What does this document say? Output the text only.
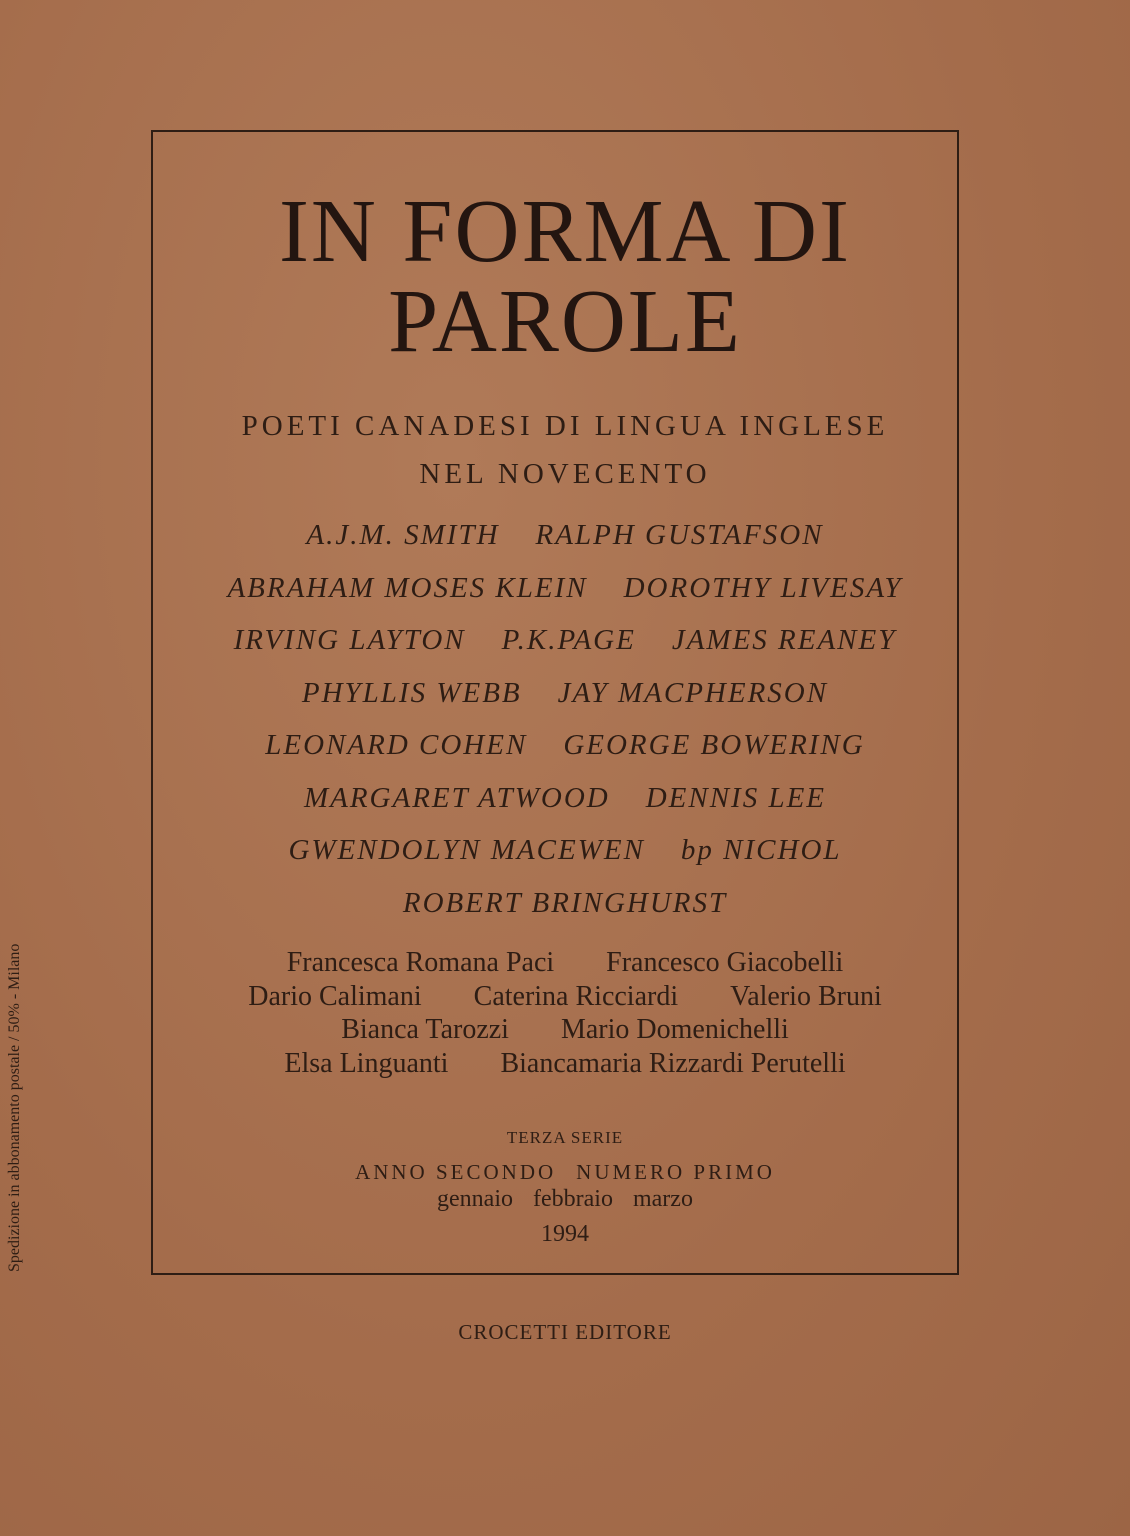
IN FORMA DI
PAROLE
POETI CANADESI DI LINGUA INGLESE
NEL NOVECENTO
A.J.M. SMITH RALPH GUSTAFSON
ABRAHAM MOSES KLEIN DOROTHY LIVESAY
IRVING LAYTON P.K.PAGE JAMES REANEY
PHYLLIS WEBB JAY MACPHERSON
LEONARD COHEN GEORGE BOWERING
MARGARET ATWOOD DENNIS LEE
GWENDOLYN MACEWEN bp NICHOL
ROBERT BRINGHURST
Francesca Romana Paci Francesco Giacobelli
Dario Calimani Caterina Ricciardi Valerio Bruni
Bianca Tarozzi Mario Domenichelli
Elsa Linguanti Biancamaria Rizzardi Perutelli
TERZA SERIE
ANNO SECONDO NUMERO PRIMO
gennaio febbraio marzo
1994
CROCETTI EDITORE
Spedizione in abbonamento postale / 50% - Milano
